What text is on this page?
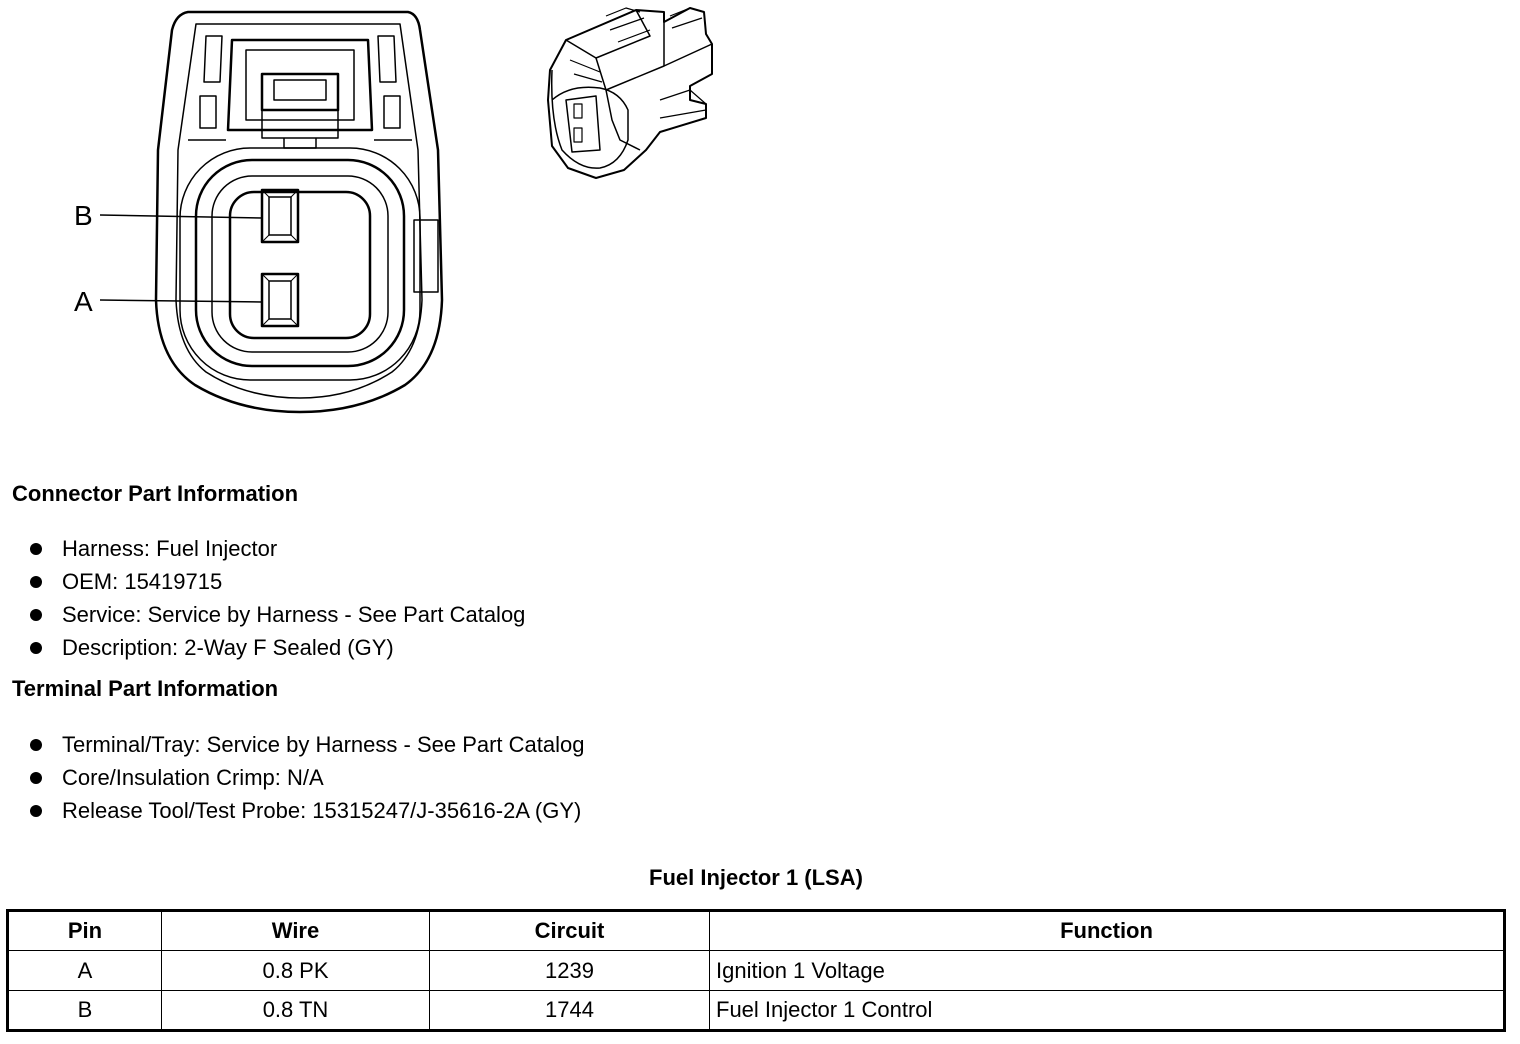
B
A
Connector Part Information
Harness: Fuel Injector
OEM: 15419715
Service: Service by Harness - See Part Catalog
Description: 2-Way F Sealed (GY)
Terminal Part Information
Terminal/Tray: Service by Harness - See Part Catalog
Core/Insulation Crimp: N/A
Release Tool/Test Probe: 15315247/J-35616-2A (GY)
Fuel Injector 1 (LSA)
Pin	Wire	Circuit	Function
A	0.8 PK	1239	Ignition 1 Voltage
B	0.8 TN	1744	Fuel Injector 1 Control
